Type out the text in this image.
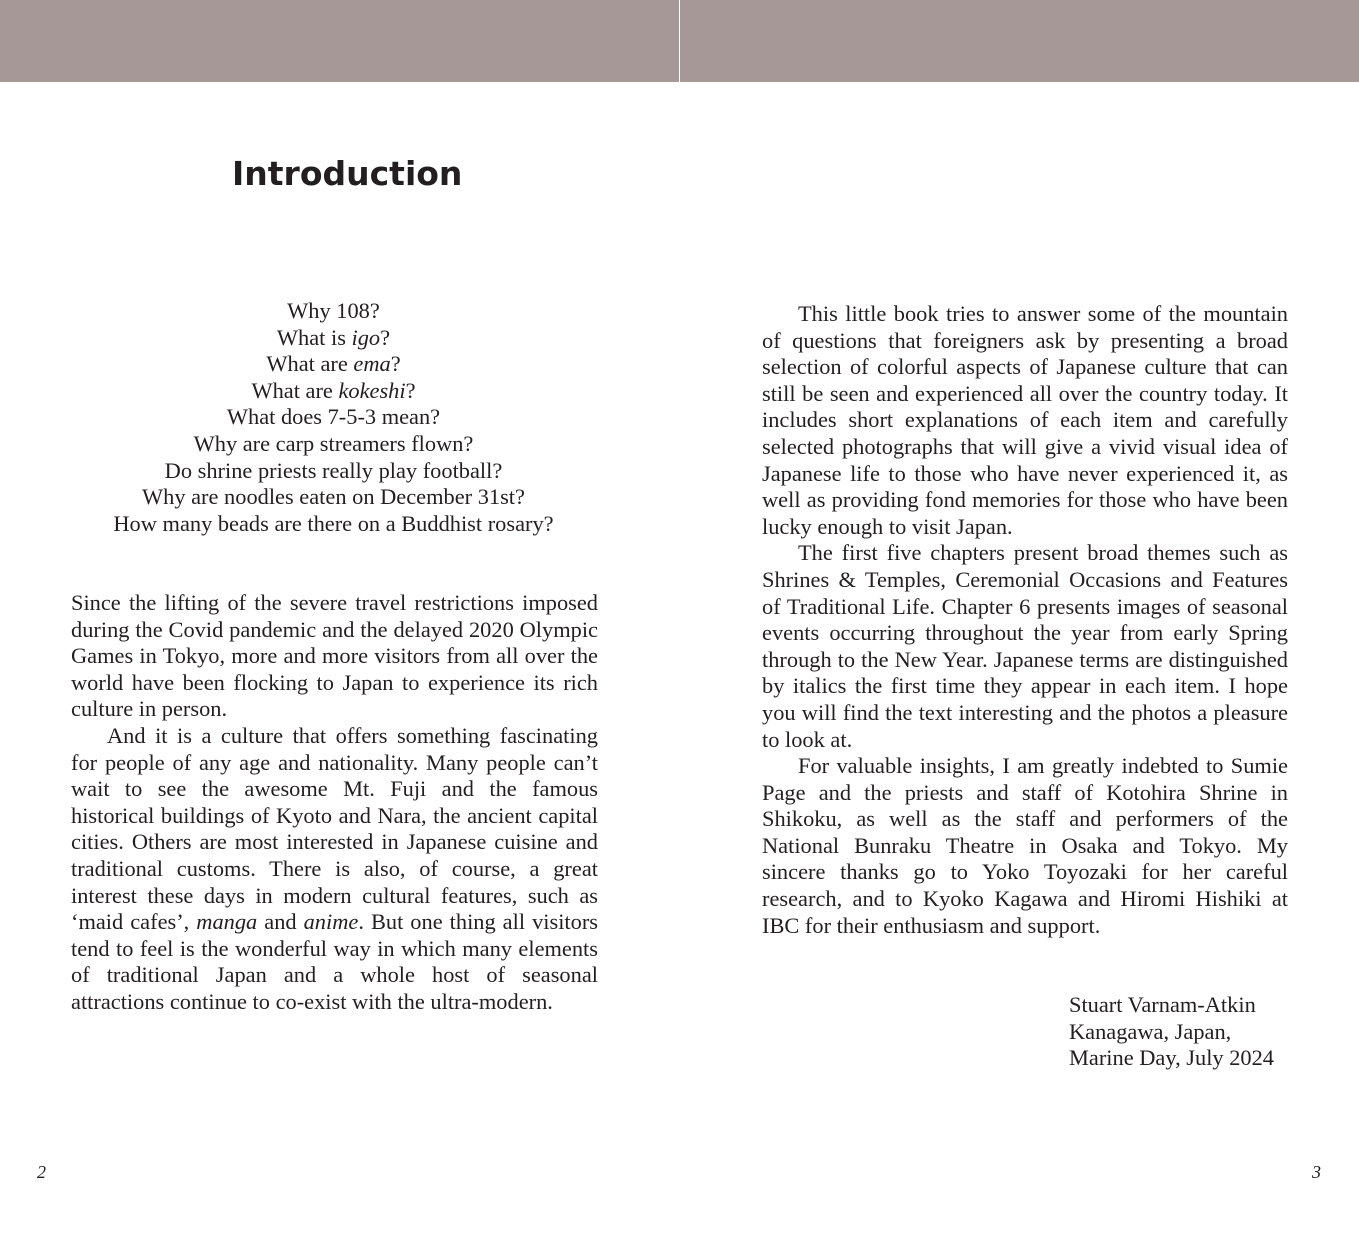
Introduction
Why 108?
What is igo?
What are ema?
What are kokeshi?
What does 7-5-3 mean?
Why are carp streamers flown?
Do shrine priests really play football?
Why are noodles eaten on December 31st?
How many beads are there on a Buddhist rosary?

Since the lifting of the severe travel restrictions imposed during the Covid pandemic and the delayed 2020 Olympic Games in Tokyo, more and more visitors from all over the world have been flocking to Japan to experience its rich culture in person.

And it is a culture that offers something fascinating for people of any age and nationality. Many people can’t wait to see the awesome Mt. Fuji and the famous historical buildings of Kyoto and Nara, the ancient capital cities. Others are most interested in Japanese cuisine and traditional customs. There is also, of course, a great interest these days in modern cultural features, such as ‘maid cafes’, manga and anime. But one thing all visitors tend to feel is the wonderful way in which many elements of traditional Japan and a whole host of seasonal attractions continue to co-exist with the ultra-modern.

2

This little book tries to answer some of the mountain of questions that foreigners ask by presenting a broad selection of colorful aspects of Japanese culture that can still be seen and experienced all over the country today. It includes short explanations of each item and carefully selected photographs that will give a vivid visual idea of Japanese life to those who have never experienced it, as well as providing fond memories for those who have been lucky enough to visit Japan.

The first five chapters present broad themes such as Shrines & Temples, Ceremonial Occasions and Features of Traditional Life. Chapter 6 presents images of seasonal events occurring throughout the year from early Spring through to the New Year. Japanese terms are distinguished by italics the first time they appear in each item. I hope you will find the text interesting and the photos a pleasure to look at.

For valuable insights, I am greatly indebted to Sumie Page and the priests and staff of Kotohira Shrine in Shikoku, as well as the staff and performers of the National Bunraku Theatre in Osaka and Tokyo. My sincere thanks go to Yoko Toyozaki for her careful research, and to Kyoko Kagawa and Hiromi Hishiki at IBC for their enthusiasm and support.

Stuart Varnam-Atkin
Kanagawa, Japan,
Marine Day, July 2024
3
